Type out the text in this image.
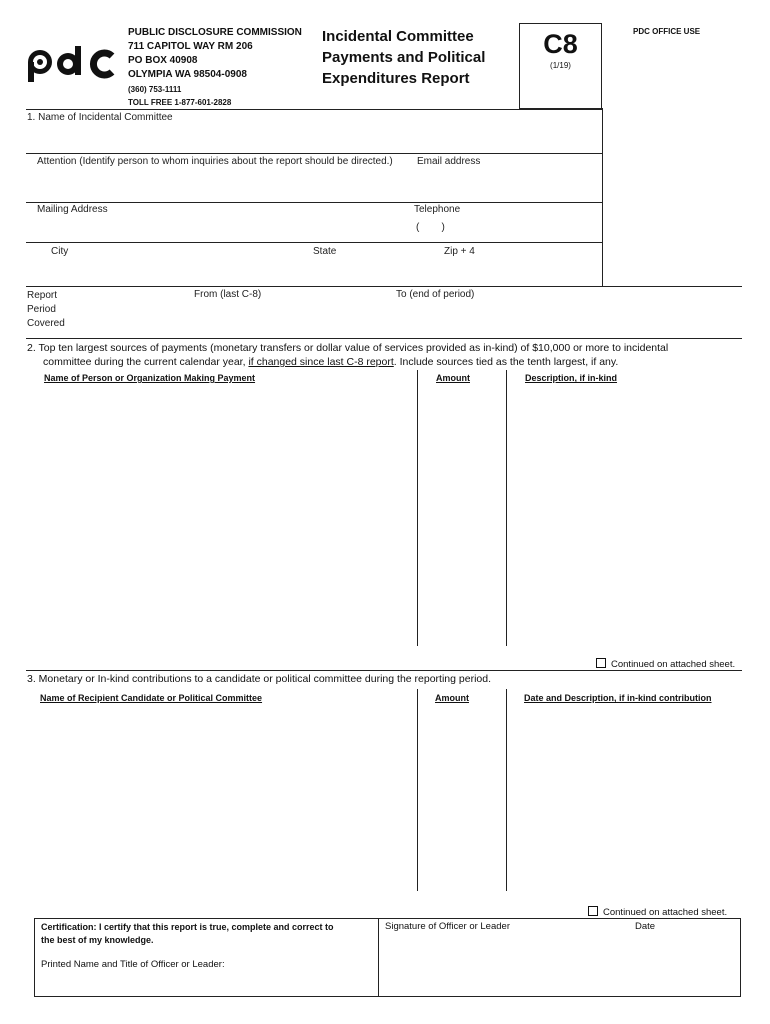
PUBLIC DISCLOSURE COMMISSION
711 CAPITOL WAY RM 206
PO BOX 40908
OLYMPIA WA 98504-0908
(360) 753-1111
TOLL FREE 1-877-601-2828
Incidental Committee
Payments and Political
Expenditures Report
C8
(1/19)
PDC OFFICE USE
1. Name of Incidental Committee
Attention (Identify person to whom inquiries about the report should be directed.) Email address
Mailing Address	Telephone
(        )
City	State	Zip + 4
Report
Period
Covered
From (last C-8)	To (end of period)
2. Top ten largest sources of payments (monetary transfers or dollar value of services provided as in-kind) of $10,000 or more to incidental
committee during the current calendar year, if changed since last C-8 report. Include sources tied as the tenth largest, if any.
Name of Person or Organization Making Payment	Amount	Description, if in-kind
Continued on attached sheet.
3. Monetary or In-kind contributions to a candidate or political committee during the reporting period.
Name of Recipient Candidate or Political Committee	Amount	Date and Description, if in-kind contribution
Continued on attached sheet.
Certification: I certify that this report is true, complete and correct to
the best of my knowledge.
Printed Name and Title of Officer or Leader:
Signature of Officer or Leader	Date
